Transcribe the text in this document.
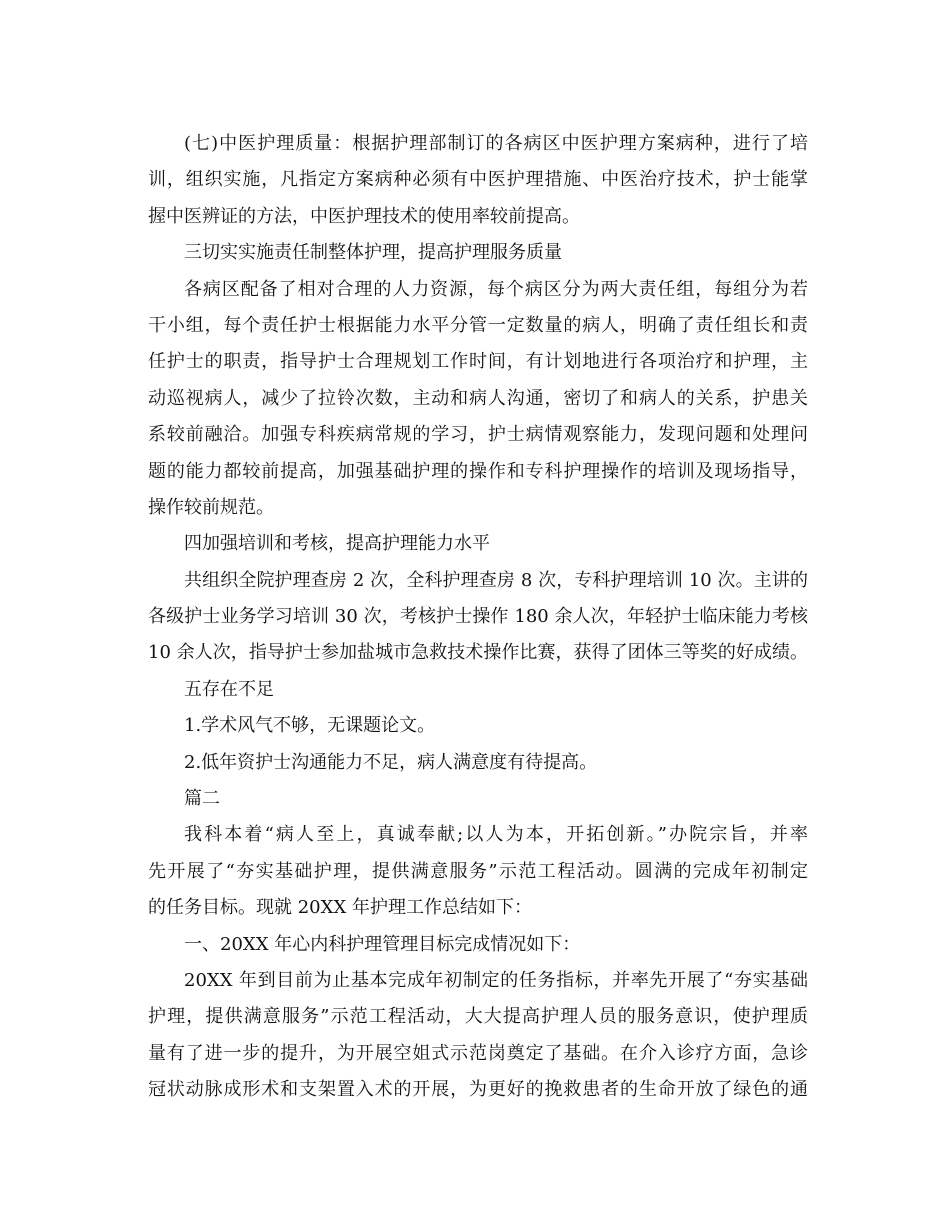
(七)中医护理质量：根据护理部制订的各病区中医护理方案病种，进行了培
训，组织实施，凡指定方案病种必须有中医护理措施、中医治疗技术，护士能掌
握中医辨证的方法，中医护理技术的使用率较前提高。
三切实实施责任制整体护理，提高护理服务质量
各病区配备了相对合理的人力资源，每个病区分为两大责任组，每组分为若
干小组，每个责任护士根据能力水平分管一定数量的病人，明确了责任组长和责
任护士的职责，指导护士合理规划工作时间，有计划地进行各项治疗和护理，主
动巡视病人，减少了拉铃次数，主动和病人沟通，密切了和病人的关系，护患关
系较前融洽。加强专科疾病常规的学习，护士病情观察能力，发现问题和处理问
题的能力都较前提高，加强基础护理的操作和专科护理操作的培训及现场指导，
操作较前规范。
四加强培训和考核，提高护理能力水平
共组织全院护理查房 2 次，全科护理查房 8 次，专科护理培训 10 次。主讲的
各级护士业务学习培训 30 次，考核护士操作 180 余人次，年轻护士临床能力考核
10 余人次，指导护士参加盐城市急救技术操作比赛，获得了团体三等奖的好成绩。
五存在不足
1.学术风气不够，无课题论文。
2.低年资护士沟通能力不足，病人满意度有待提高。
篇二
我科本着“病人至上，真诚奉献;以人为本，开拓创新。”办院宗旨，并率
先开展了“夯实基础护理，提供满意服务”示范工程活动。圆满的完成年初制定
的任务目标。现就 20XX 年护理工作总结如下：
一、20XX 年心内科护理管理目标完成情况如下：
20XX 年到目前为止基本完成年初制定的任务指标，并率先开展了“夯实基础
护理，提供满意服务”示范工程活动，大大提高护理人员的服务意识，使护理质
量有了进一步的提升，为开展空姐式示范岗奠定了基础。在介入诊疗方面，急诊
冠状动脉成形术和支架置入术的开展，为更好的挽救患者的生命开放了绿色的通
